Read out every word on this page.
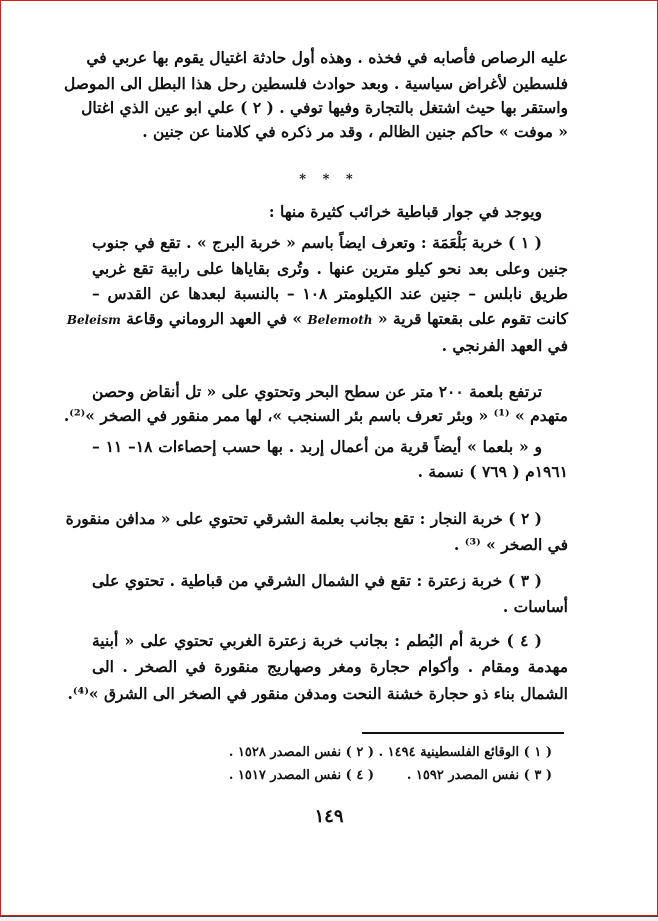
عليه الرصاص فأصابه في فخذه . وهذه أول حادثة اغتيال يقوم بها عربي في
فلسطين لأغراض سياسية . وبعد حوادث فلسطين رحل هذا البطل الى الموصل
واستقر بها حيث اشتغل بالتجارة وفيها توفي . ( ٢ ) علي ابو عين الذي اغتال
« موفت » حاكم جنين الظالم ، وقد مر ذكره في كلامنا عن جنين .
* * *
ويوجد في جوار قباطية خرائب كثيرة منها :
( ١ ) خربة بَلْعَمَة : وتعرف ايضاً باسم « خربة البرج » . تقع في جنوب
جنين وعلى بعد نحو كيلو مترين عنها . وتُرى بقاياها على رابية تقع غربي
طريق نابلس – جنين عند الكيلومتر ١٠٨ – بالنسبة لبعدها عن القدس –
كانت تقوم على بقعتها قرية « Belemoth » في العهد الروماني وقاعة Beleism
في العهد الفرنجي .
ترتفع بلعمة ٢٠٠ متر عن سطح البحر وتحتوي على « تل أنقاض وحصن
متهدم » ⁽¹⁾ « وبئر تعرف باسم بئر السنجب »، لها ممر منقور في الصخر »⁽²⁾.
و « بلعما » أيضاً قرية من أعمال إربد . بها حسب إحصاءات ١٨– ١١ –
١٩٦١م ( ٧٦٩ ) نسمة .
( ٢ ) خربة النجار : تقع بجانب بعلمة الشرقي تحتوي على « مدافن منقورة
في الصخر » ⁽³⁾ .
( ٣ ) خربة زعترة : تقع في الشمال الشرقي من قباطية . تحتوي على
أساسات .
( ٤ ) خربة أم البُطم : بجانب خربة زعترة الغربي تحتوي على « أبنية
مهدمة ومقام . وأكوام حجارة ومغر وصهاريج منقورة في الصخر . الى
الشمال بناء ذو حجارة خشنة النحت ومدفن منقور في الصخر الى الشرق »⁽⁴⁾.
( ١ ) الوقائع الفلسطينية ١٤٩٤ .
( ٢ ) نفس المصدر ١٥٢٨ .
( ٣ ) نفس المصدر ١٥٩٢ .
( ٤ ) نفس المصدر ١٥١٧ .
١٤٩
